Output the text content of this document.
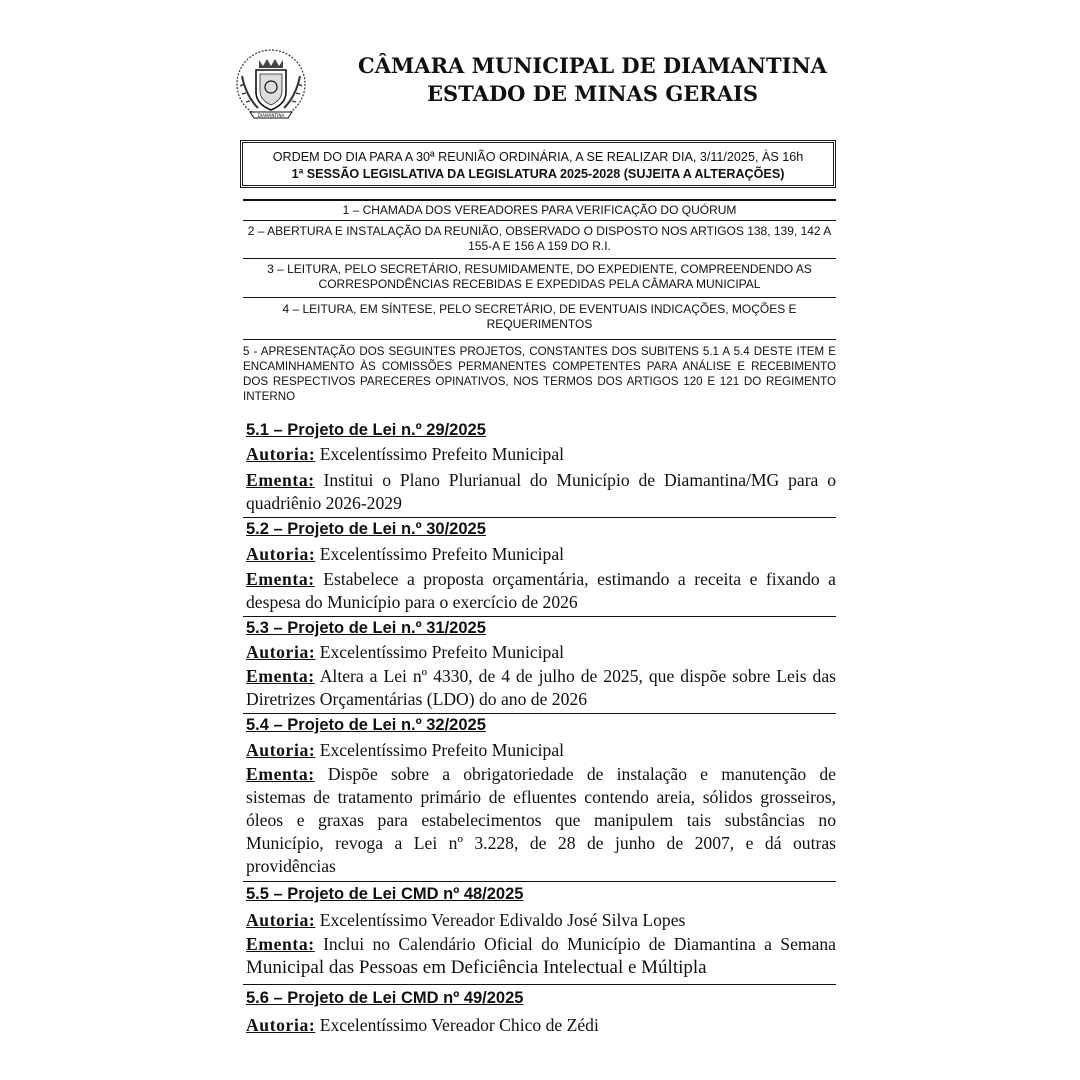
DIAMANTINA
CÂMARA MUNICIPAL DE DIAMANTINA
ESTADO DE MINAS GERAIS
ORDEM DO DIA PARA A 30ª REUNIÃO ORDINÁRIA, A SE REALIZAR DIA, 3/11/2025, ÀS 16h
1ª SESSÃO LEGISLATIVA DA LEGISLATURA 2025-2028 (SUJEITA A ALTERAÇÕES)
1 – CHAMADA DOS VEREADORES PARA VERIFICAÇÃO DO QUÓRUM
2 – ABERTURA E INSTALAÇÃO DA REUNIÃO, OBSERVADO O DISPOSTO NOS ARTIGOS 138, 139, 142 A
155-A E 156 A 159 DO R.I.
3 – LEITURA, PELO SECRETÁRIO, RESUMIDAMENTE, DO EXPEDIENTE, COMPREENDENDO AS
CORRESPONDÊNCIAS RECEBIDAS E EXPEDIDAS PELA CÂMARA MUNICIPAL
4 – LEITURA, EM SÍNTESE, PELO SECRETÁRIO, DE EVENTUAIS INDICAÇÕES, MOÇÕES E
REQUERIMENTOS
5 - APRESENTAÇÃO DOS SEGUINTES PROJETOS, CONSTANTES DOS SUBITENS 5.1 A 5.4 DESTE ITEM E ENCAMINHAMENTO ÀS COMISSÕES PERMANENTES COMPETENTES PARA ANÁLISE E RECEBIMENTO DOS RESPECTIVOS PARECERES OPINATIVOS, NOS TERMOS DOS ARTIGOS 120 E 121 DO REGIMENTO INTERNO
5.1 – Projeto de Lei n.º 29/2025
Autoria: Excelentíssimo Prefeito Municipal
Ementa: Institui o Plano Plurianual do Município de Diamantina/MG para o
quadriênio 2026-2029
5.2 – Projeto de Lei n.º 30/2025
Autoria: Excelentíssimo Prefeito Municipal
Ementa: Estabelece a proposta orçamentária, estimando a receita e fixando a
despesa do Município para o exercício de 2026
5.3 – Projeto de Lei n.º 31/2025
Autoria: Excelentíssimo Prefeito Municipal
Ementa: Altera a Lei nº 4330, de 4 de julho de 2025, que dispõe sobre Leis das
Diretrizes Orçamentárias (LDO) do ano de 2026
5.4 – Projeto de Lei n.º 32/2025
Autoria: Excelentíssimo Prefeito Municipal
Ementa: Dispõe sobre a obrigatoriedade de instalação e manutenção de
sistemas de tratamento primário de efluentes contendo areia, sólidos grosseiros,
óleos e graxas para estabelecimentos que manipulem tais substâncias no
Município, revoga a Lei nº 3.228, de 28 de junho de 2007, e dá outras
providências
5.5 – Projeto de Lei CMD nº 48/2025
Autoria: Excelentíssimo Vereador Edivaldo José Silva Lopes
Ementa: Inclui no Calendário Oficial do Município de Diamantina a Semana
Municipal das Pessoas em Deficiência Intelectual e Múltipla
5.6 – Projeto de Lei CMD nº 49/2025
Autoria: Excelentíssimo Vereador Chico de Zédi
